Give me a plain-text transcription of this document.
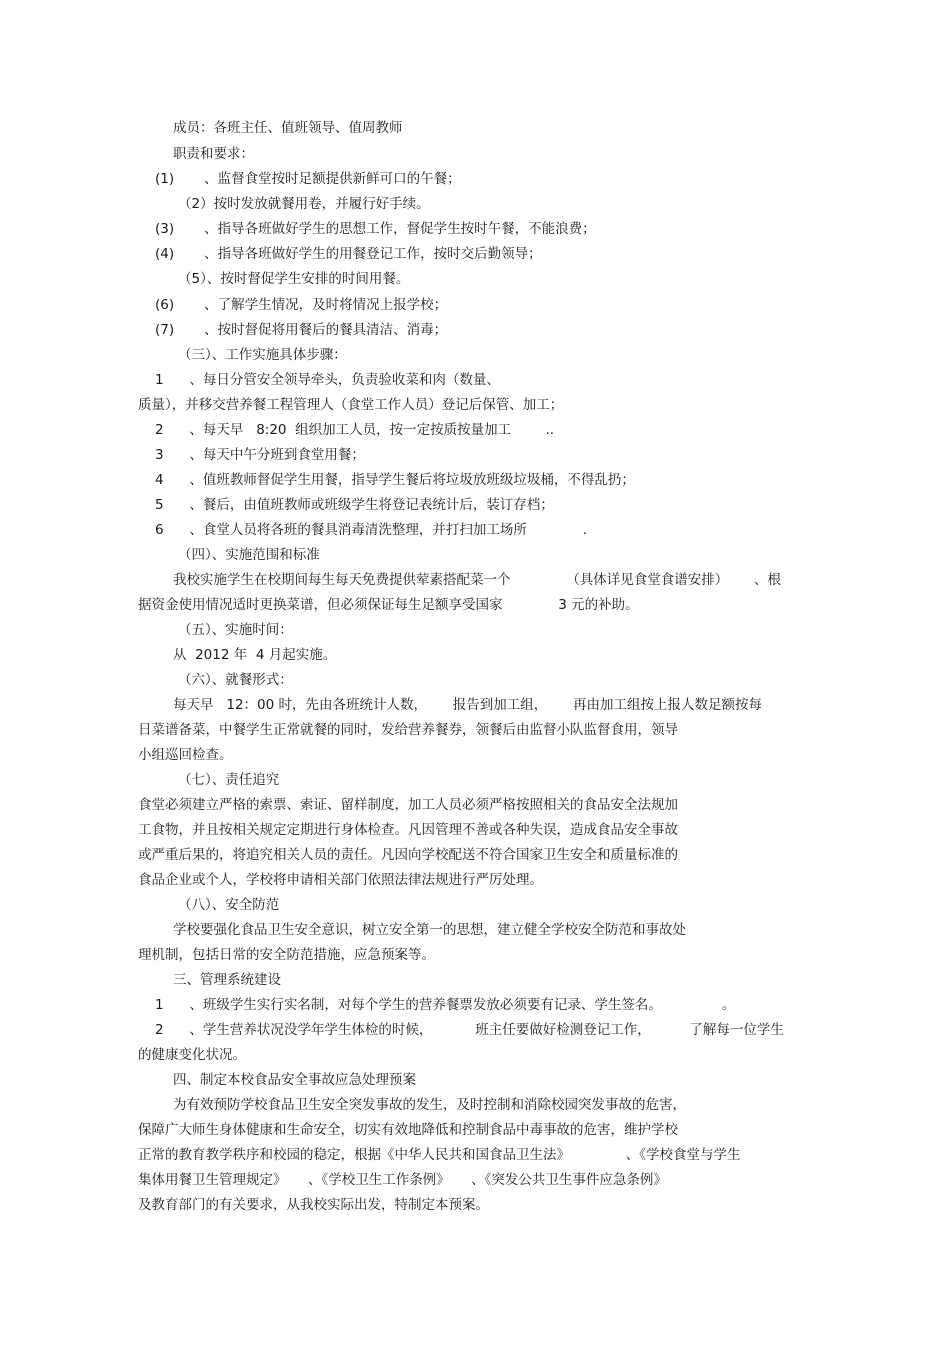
成员：各班主任、值班领导、值周教师
职责和要求：
(1)       、监督食堂按时足额提供新鲜可口的午餐；
（2）按时发放就餐用卷，并履行好手续。
(3)       、指导各班做好学生的思想工作，督促学生按时午餐，不能浪费；
(4)       、指导各班做好学生的用餐登记工作，按时交后勤领导；
（5）、按时督促学生安排的时间用餐。
(6)       、了解学生情况，及时将情况上报学校；
(7)       、按时督促将用餐后的餐具清洁、消毒；
（三）、工作实施具体步骤：
1      、每日分管安全领导牵头，负责验收菜和肉（数量、
质量），并移交营养餐工程管理人（食堂工作人员）登记后保管、加工；
2      、每天早   8:20  组织加工人员，按一定按质按量加工        ..
3      、每天中午分班到食堂用餐；
4      、值班教师督促学生用餐，指导学生餐后将垃圾放班级垃圾桶，不得乱扔；
5      、餐后，由值班教师或班级学生将登记表统计后，装订存档；
6      、食堂人员将各班的餐具消毒清洗整理，并打扫加工场所             .
（四）、实施范围和标准
我校实施学生在校期间每生每天免费提供荤素搭配菜一个             （具体详见食堂食谱安排）      、根
据资金使用情况适时更换菜谱，但必须保证每生足额享受国家             3 元的补助。
（五）、实施时间：
从  2012 年  4 月起实施。
（六）、就餐形式：
每天早   12：00 时，先由各班统计人数，      报告到加工组，      再由加工组按上报人数足额按每
日菜谱备菜，中餐学生正常就餐的同时，发给营养餐券，领餐后由监督小队监督食用，领导
小组巡回检查。
（七）、责任追究
食堂必须建立严格的索票、索证、留样制度，加工人员必须严格按照相关的食品安全法规加
工食物，并且按相关规定定期进行身体检查。凡因管理不善或各种失误，造成食品安全事故
或严重后果的，将追究相关人员的责任。凡因向学校配送不符合国家卫生安全和质量标准的
食品企业或个人，学校将申请相关部门依照法律法规进行严厉处理。
（八）、安全防范
学校要强化食品卫生安全意识，树立安全第一的思想，建立健全学校安全防范和事故处
理机制，包括日常的安全防范措施，应急预案等。
三、管理系统建设
1      、班级学生实行实名制，对每个学生的营养餐票发放必须要有记录、学生签名。              。
2      、学生营养状况没学年学生体检的时候，          班主任要做好检测登记工作，         了解每一位学生
的健康变化状况。
四、制定本校食品安全事故应急处理预案
为有效预防学校食品卫生安全突发事故的发生，及时控制和消除校园突发事故的危害，
保障广大师生身体健康和生命安全，切实有效地降低和控制食品中毒事故的危害，维护学校
正常的教育教学秩序和校园的稳定，根据《中华人民共和国食品卫生法》             、《学校食堂与学生
集体用餐卫生管理规定》     、《学校卫生工作条例》     、《突发公共卫生事件应急条例》
及教育部门的有关要求，从我校实际出发，特制定本预案。
